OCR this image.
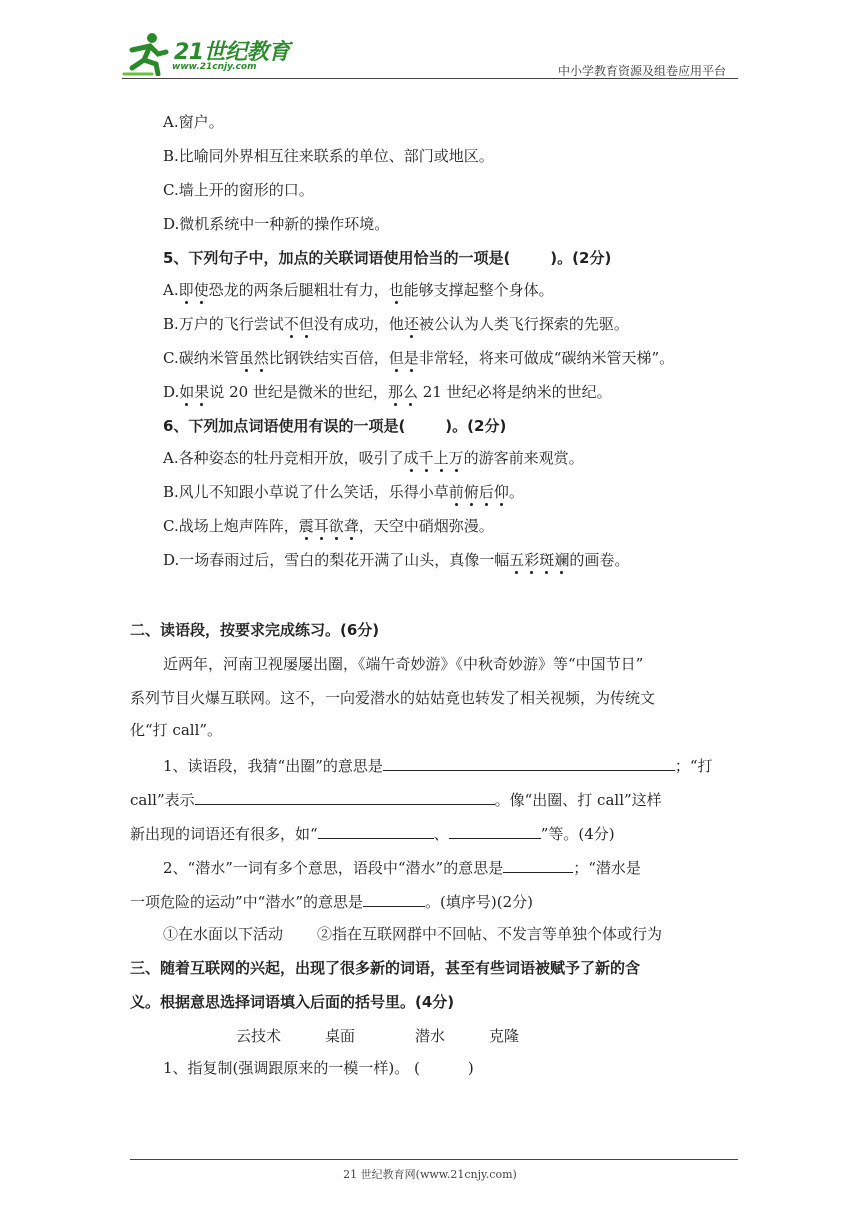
21世纪教育
www.21cnjy.com	中小学教育资源及组卷应用平台
A.窗户。
B.比喻同外界相互往来联系的单位、部门或地区。
C.墙上开的窗形的口。
D.微机系统中一种新的操作环境。
5、下列句子中，加点的关联词语使用恰当的一项是(	)。(2分)
A.即使恐龙的两条后腿粗壮有力，也能够支撑起整个身体。
B.万户的飞行尝试不但没有成功，他还被公认为人类飞行探索的先驱。
C.碳纳米管虽然比钢铁结实百倍，但是非常轻，将来可做成“碳纳米管天梯”。
D.如果说 20 世纪是微米的世纪，那么 21 世纪必将是纳米的世纪。
6、下列加点词语使用有误的一项是(	)。(2分)
A.各种姿态的牡丹竞相开放，吸引了成千上万的游客前来观赏。
B.风儿不知跟小草说了什么笑话，乐得小草前俯后仰。
C.战场上炮声阵阵，震耳欲聋，天空中硝烟弥漫。
D.一场春雨过后，雪白的梨花开满了山头，真像一幅五彩斑斓的画卷。
二、读语段，按要求完成练习。(6分)
近两年，河南卫视屡屡出圈，《端午奇妙游》《中秋奇妙游》等“中国节日”
系列节目火爆互联网。这不，一向爱潜水的姑姑竟也转发了相关视频，为传统文
化“打 call”。
1、读语段，我猜“出圈”的意思是	；“打
call”表示	。像“出圈、打 call”这样
新出现的词语还有很多，如“	、	”等。(4分)
2、“潜水”一词有多个意思，语段中“潜水”的意思是	；“潜水是
一项危险的运动”中“潜水”的意思是	。(填序号)(2分)
①在水面以下活动 ②指在互联网群中不回帖、不发言等单独个体或行为
三、随着互联网的兴起，出现了很多新的词语，甚至有些词语被赋予了新的含
义。根据意思选择词语填入后面的括号里。(4分)
云技术	桌面	潜水	克隆
1、指复制(强调跟原来的一模一样)。 (	)
21 世纪教育网(www.21cnjy.com)
